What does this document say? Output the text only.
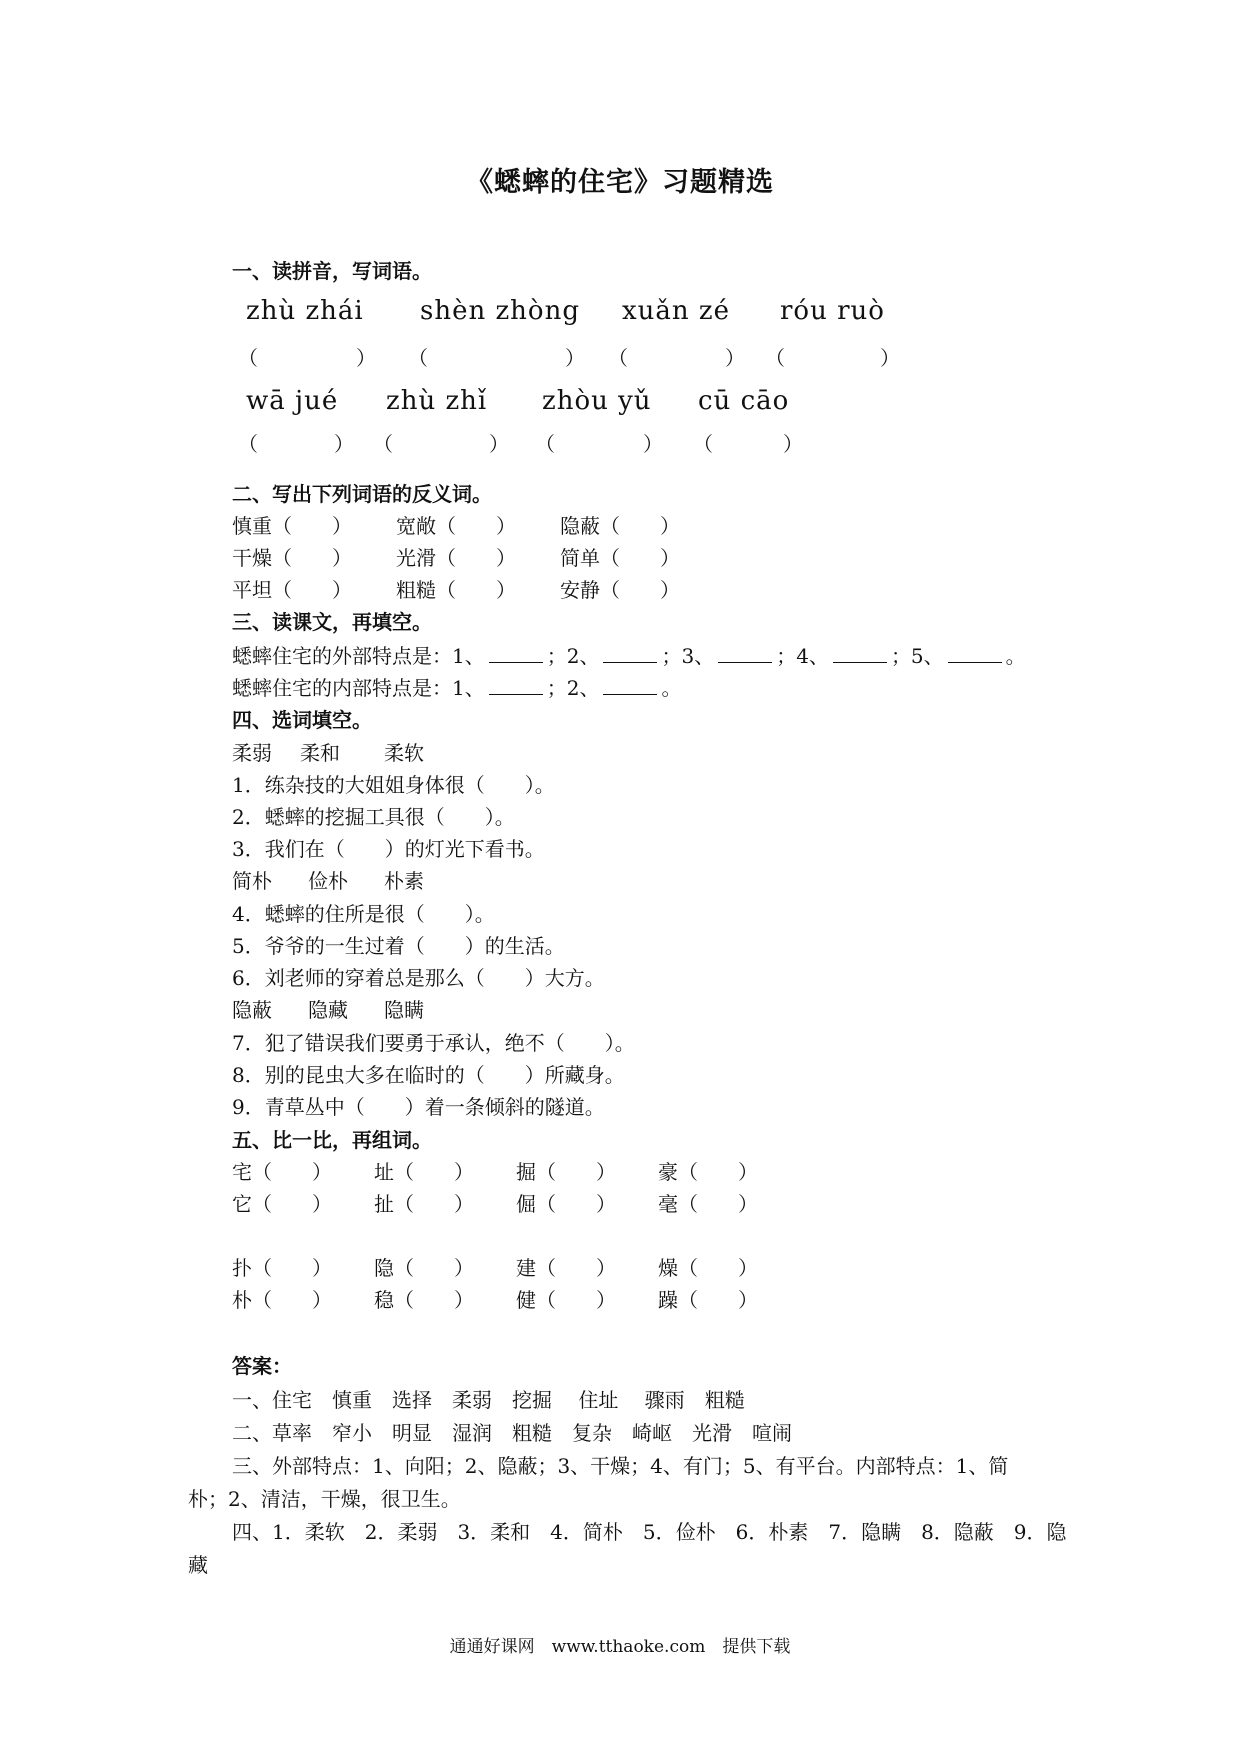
《蟋蟀的住宅》习题精选
一、读拼音，写词语。
zhù zhái shèn zhòng xuǎn zé róu ruò
（	） （	） （	） （	）
wā jué zhù zhǐ zhòu yǔ cū cāo
（	） （	） （	） （	）
二、写出下列词语的反义词。
慎重（　　） 宽敞（　　） 隐蔽（　　）
干燥（　　） 光滑（　　） 简单（　　）
平坦（　　） 粗糙（　　） 安静（　　）
三、读课文，再填空。
蟋蟀住宅的外部特点是：1、	；2、	；3、	；4、	；5、	。
蟋蟀住宅的内部特点是：1、	；2、	。
四、选词填空。
柔弱 柔和 柔软
1．练杂技的大姐姐身体很（　　）。
2．蟋蟀的挖掘工具很（　　）。
3．我们在（　　）的灯光下看书。
简朴 俭朴 朴素
4．蟋蟀的住所是很（　　）。
5．爷爷的一生过着（　　）的生活。
6．刘老师的穿着总是那么（　　）大方。
隐蔽 隐藏 隐瞒
7．犯了错误我们要勇于承认，绝不（　　）。
8．别的昆虫大多在临时的（　　）所藏身。
9．青草丛中（　　）着一条倾斜的隧道。
五、比一比，再组词。
宅（　　） 址（　　） 掘（　　） 豪（　　）
它（　　） 扯（　　） 倔（　　） 毫（　　）
扑（　　） 隐（　　） 建（　　） 燥（　　）
朴（　　） 稳（　　） 健（　　） 躁（　　）
答案：
一、住宅　慎重　选择　柔弱　挖掘　 住址　 骤雨　粗糙
二、草率　窄小　明显　湿润　粗糙　复杂　崎岖　光滑　喧闹
三、外部特点：1、向阳；2、隐蔽；3、干燥；4、有门；5、有平台。内部特点：1、简
朴；2、清洁，干燥，很卫生。
四、1．柔软　2．柔弱　3．柔和　4．简朴　5．俭朴　6．朴素　7．隐瞒　8．隐蔽　9．隐
藏
通通好课网　www.tthaoke.com　提供下载
